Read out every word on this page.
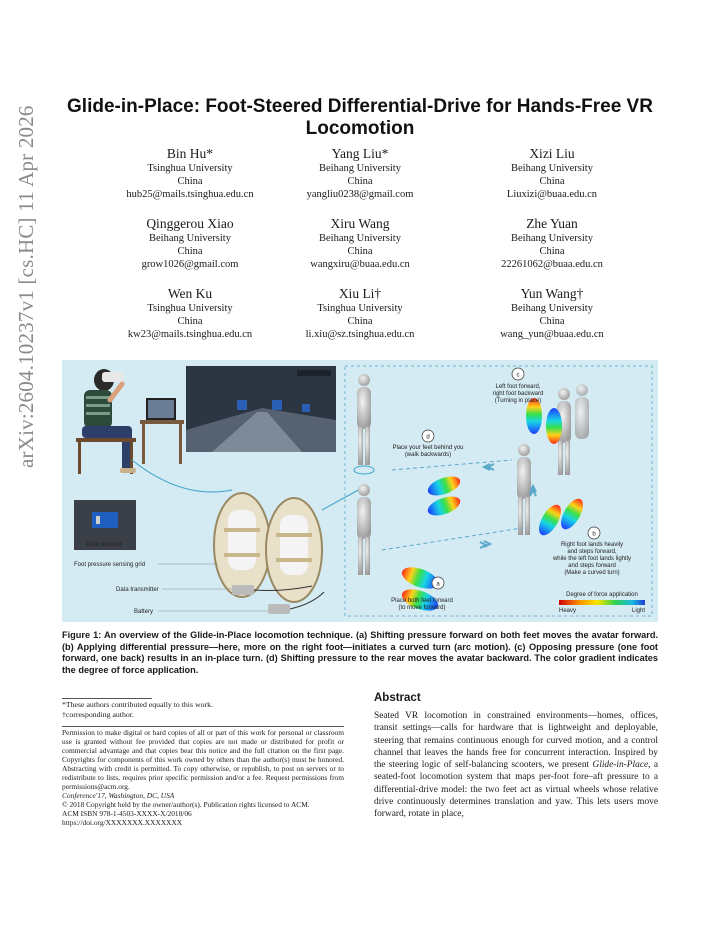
arXiv:2604.10237v1 [cs.HC] 11 Apr 2026	Glide-in-Place: Foot-Steered Differential-Drive for Hands-Free VR Locomotion
Bin Hu*
Tsinghua University
China
hub25@mails.tsinghua.edu.cn
Yang Liu*
Beihang University
China
yangliu0238@gmail.com
Xizi Liu
Beihang University
China
Liuxizi@buaa.edu.cn
Qinggerou Xiao
Beihang University
China
grow1026@gmail.com
Xiru Wang
Beihang University
China
wangxiru@buaa.edu.cn
Zhe Yuan
Beihang University
China
22261062@buaa.edu.cn
Wen Ku
Tsinghua University
China
kw23@mails.tsinghua.edu.cn
Xiu Li†
Tsinghua University
China
li.xiu@sz.tsinghua.edu.cn
Yun Wang†
Beihang University
China
wang_yun@buaa.edu.cn
Data receiver
Foot pressure sensing grid
Data transmitter
Battery
a
b
c
d
Place both feet forward
(to move forward)
Right foot lands heavily
and steps forward,
while the left foot lands lightly
and steps forward
(Make a curved turn)
Left foot forward,
right foot backward
(Turning in place)
Place your feet behind you
(walk backwards)
Degree of force application
Heavy	Light
Figure 1: An overview of the Glide-in-Place locomotion technique. (a) Shifting pressure forward on both feet moves the avatar forward. (b) Applying differential pressure—here, more on the right foot—initiates a curved turn (arc motion). (c) Opposing pressure (one foot forward, one back) results in an in-place turn. (d) Shifting pressure to the rear moves the avatar backward. The color gradient indicates the degree of force application.
*These authors contributed equally to this work.
†corresponding author.
Permission to make digital or hard copies of all or part of this work for personal or classroom use is granted without fee provided that copies are not made or distributed for profit or commercial advantage and that copies bear this notice and the full citation on the first page. Copyrights for components of this work owned by others than the author(s) must be honored. Abstracting with credit is permitted. To copy otherwise, or republish, to post on servers or to redistribute to lists, requires prior specific permission and/or a fee. Request permissions from permissions@acm.org.
Conference'17, Washington, DC, USA
© 2018 Copyright held by the owner/author(s). Publication rights licensed to ACM.
ACM ISBN 978-1-4503-XXXX-X/2018/06
https://doi.org/XXXXXXX.XXXXXXX
Abstract
Seated VR locomotion in constrained environments—homes, offices, transit settings—calls for hardware that is lightweight and deployable, steering that remains continuous enough for curved motion, and a control channel that leaves the hands free for concurrent interaction. Inspired by the steering logic of self-balancing scooters, we present Glide-in-Place, a seated-foot locomotion system that maps per-foot fore–aft pressure to a differential-drive model: the two feet act as virtual wheels whose relative drive continuously determines translation and yaw. This lets users move forward, rotate in place,
